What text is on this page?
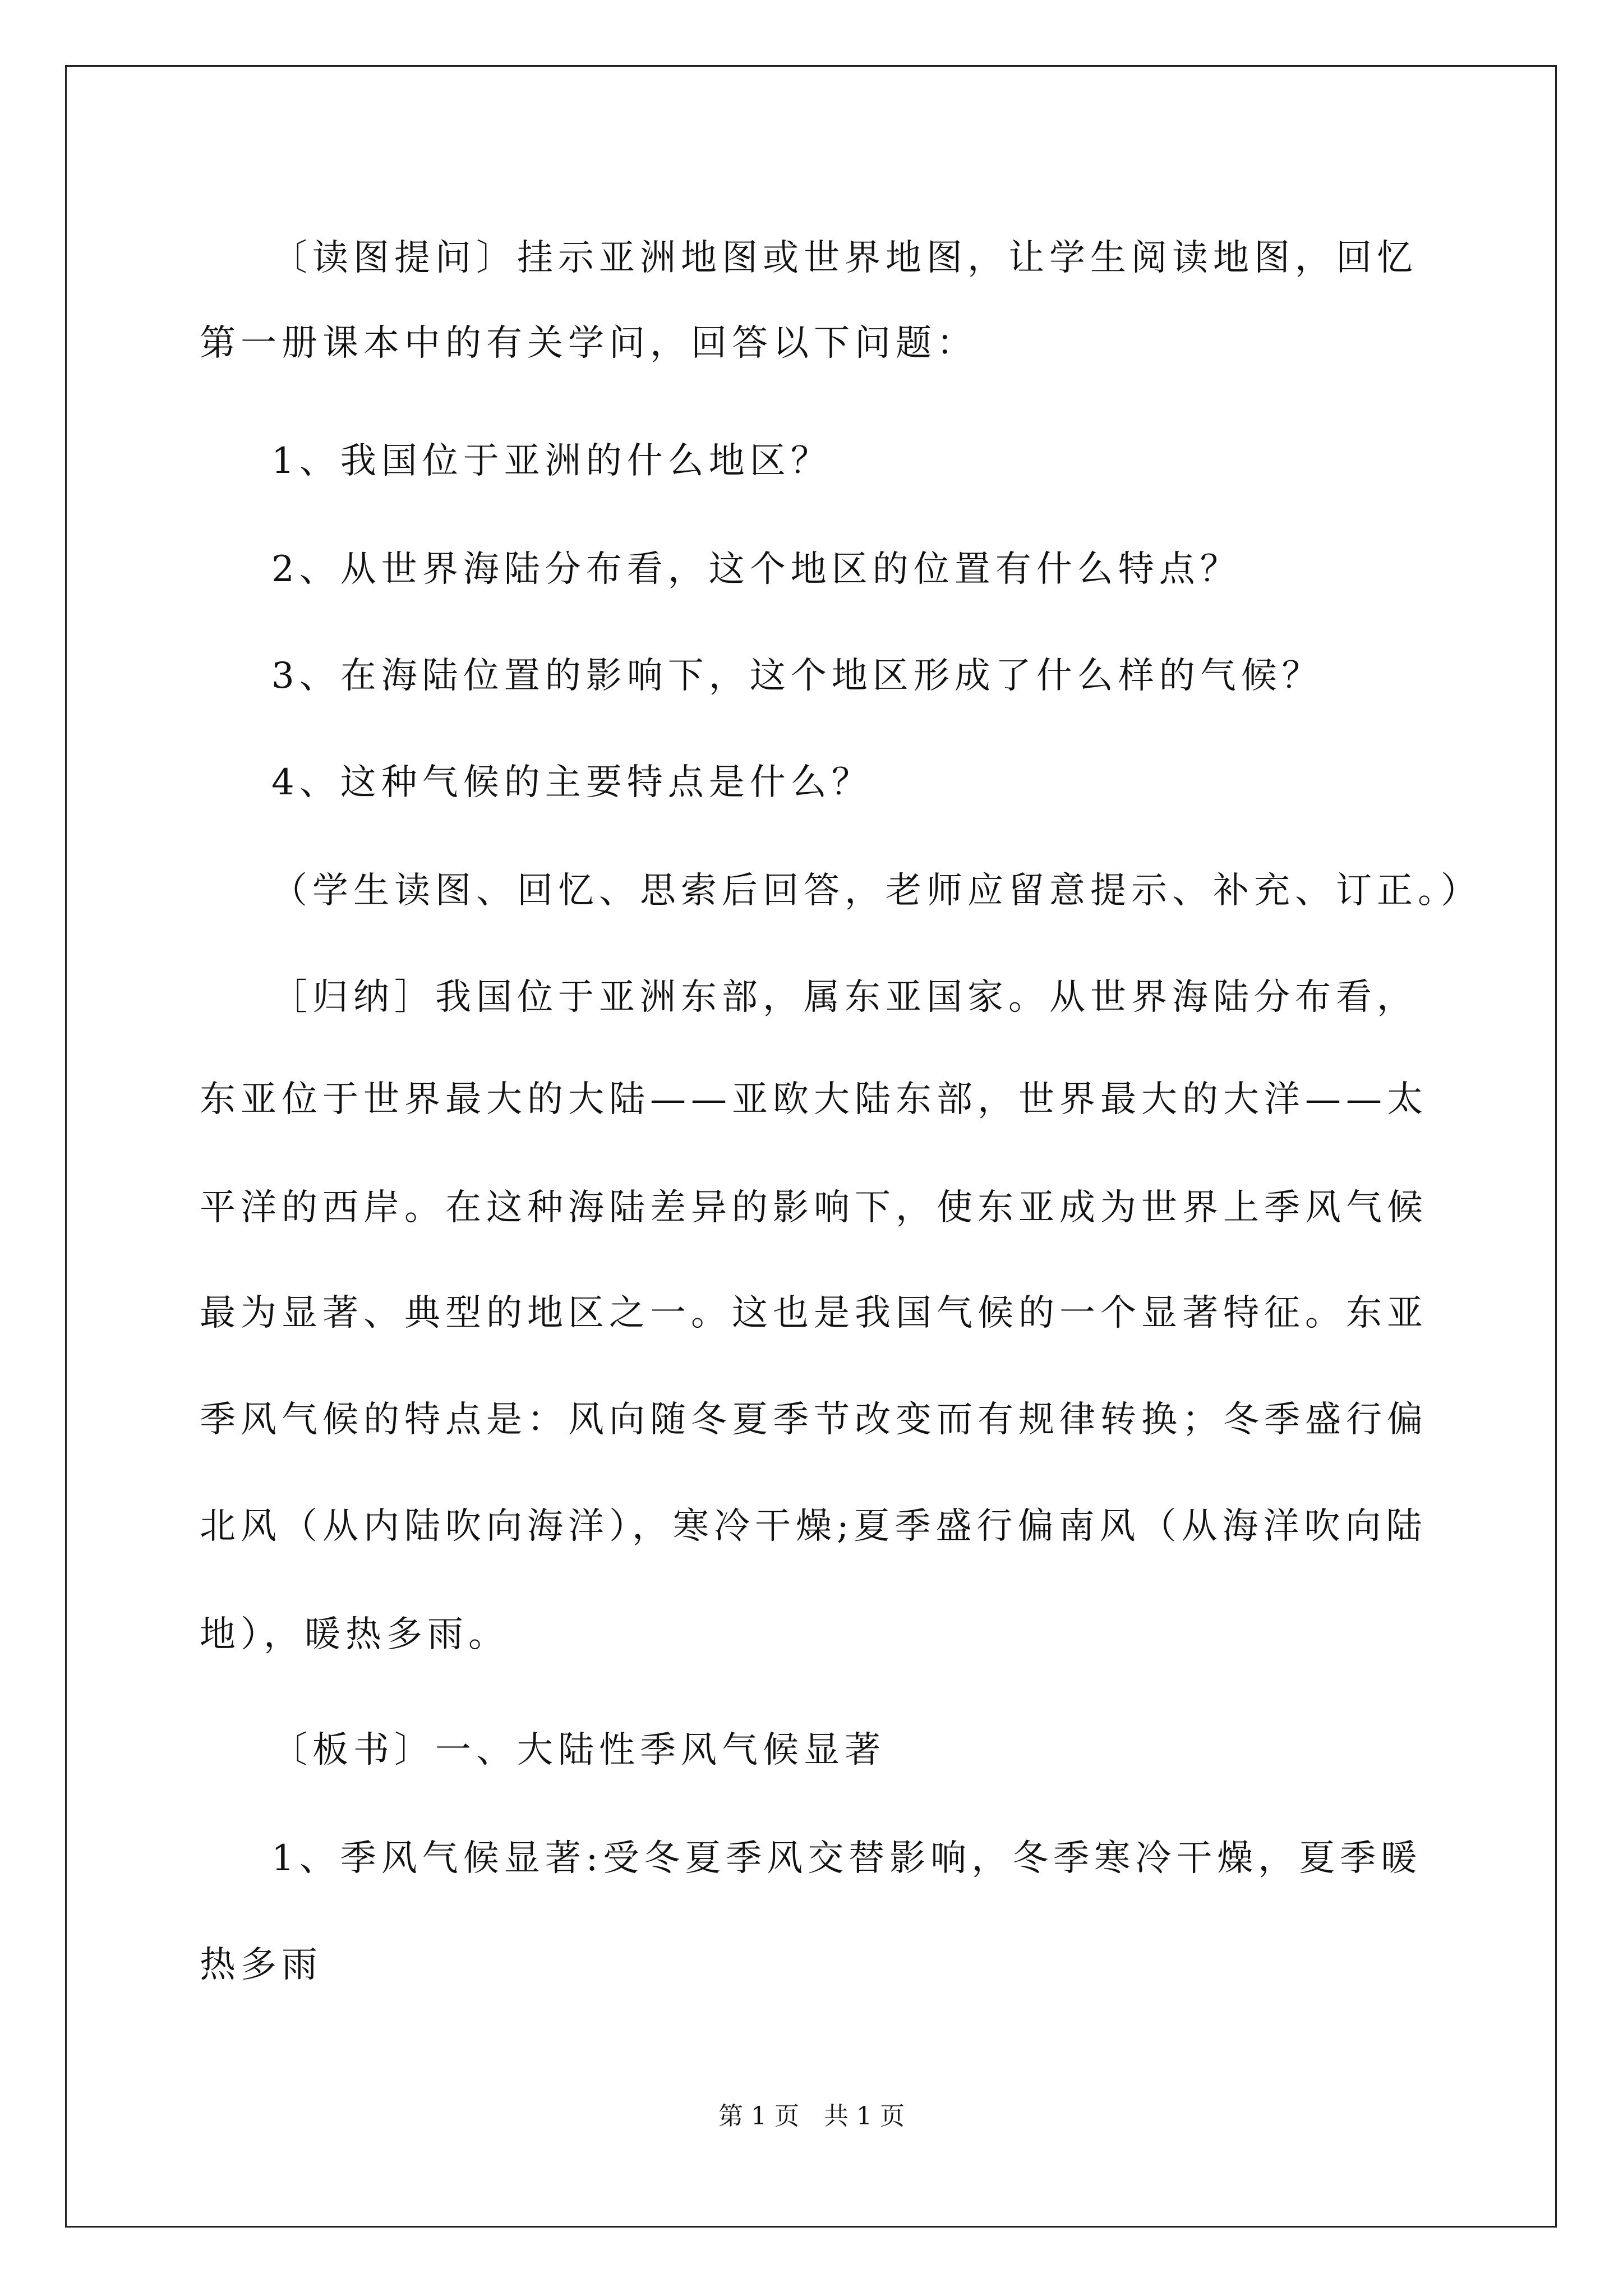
〔读图提问〕挂示亚洲地图或世界地图，让学生阅读地图，回忆
第一册课本中的有关学问，回答以下问题：
1、我国位于亚洲的什么地区？
2、从世界海陆分布看，这个地区的位置有什么特点？
3、在海陆位置的影响下，这个地区形成了什么样的气候？
4、这种气候的主要特点是什么？
（学生读图、回忆、思索后回答，老师应留意提示、补充、订正。）
［归纳］我国位于亚洲东部，属东亚国家。从世界海陆分布看，
东亚位于世界最大的大陆——亚欧大陆东部，世界最大的大洋——太
平洋的西岸。在这种海陆差异的影响下，使东亚成为世界上季风气候
最为显著、典型的地区之一。这也是我国气候的一个显著特征。东亚
季风气候的特点是：风向随冬夏季节改变而有规律转换；冬季盛行偏
北风（从内陆吹向海洋），寒冷干燥;夏季盛行偏南风（从海洋吹向陆
地），暖热多雨。
〔板书〕一、大陆性季风气候显著
1、季风气候显著:受冬夏季风交替影响，冬季寒冷干燥，夏季暖
热多雨
第 1 页　共 1 页
